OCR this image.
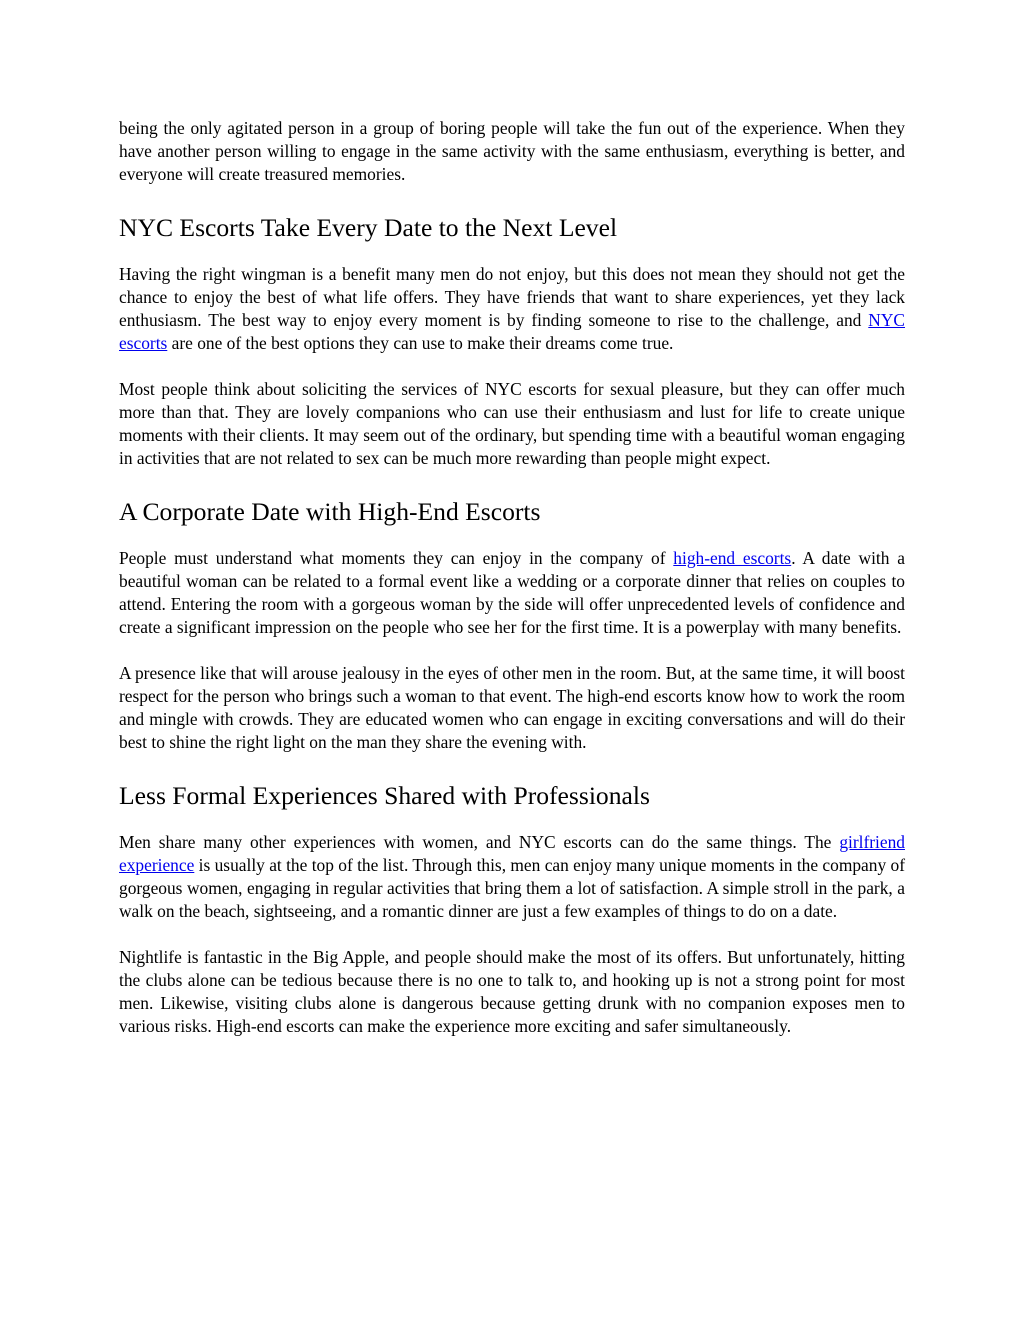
being the only agitated person in a group of boring people will take the fun out of the experience. When they have another person willing to engage in the same activity with the same enthusiasm, everything is better, and everyone will create treasured memories.

NYC Escorts Take Every Date to the Next Level

Having the right wingman is a benefit many men do not enjoy, but this does not mean they should not get the chance to enjoy the best of what life offers. They have friends that want to share experiences, yet they lack enthusiasm. The best way to enjoy every moment is by finding someone to rise to the challenge, and NYC escorts are one of the best options they can use to make their dreams come true.

Most people think about soliciting the services of NYC escorts for sexual pleasure, but they can offer much more than that. They are lovely companions who can use their enthusiasm and lust for life to create unique moments with their clients. It may seem out of the ordinary, but spending time with a beautiful woman engaging in activities that are not related to sex can be much more rewarding than people might expect.

A Corporate Date with High-End Escorts

People must understand what moments they can enjoy in the company of high-end escorts. A date with a beautiful woman can be related to a formal event like a wedding or a corporate dinner that relies on couples to attend. Entering the room with a gorgeous woman by the side will offer unprecedented levels of confidence and create a significant impression on the people who see her for the first time. It is a powerplay with many benefits.

A presence like that will arouse jealousy in the eyes of other men in the room. But, at the same time, it will boost respect for the person who brings such a woman to that event. The high-end escorts know how to work the room and mingle with crowds. They are educated women who can engage in exciting conversations and will do their best to shine the right light on the man they share the evening with.

Less Formal Experiences Shared with Professionals

Men share many other experiences with women, and NYC escorts can do the same things. The girlfriend experience is usually at the top of the list. Through this, men can enjoy many unique moments in the company of gorgeous women, engaging in regular activities that bring them a lot of satisfaction. A simple stroll in the park, a walk on the beach, sightseeing, and a romantic dinner are just a few examples of things to do on a date.

Nightlife is fantastic in the Big Apple, and people should make the most of its offers. But unfortunately, hitting the clubs alone can be tedious because there is no one to talk to, and hooking up is not a strong point for most men. Likewise, visiting clubs alone is dangerous because getting drunk with no companion exposes men to various risks. High-end escorts can make the experience more exciting and safer simultaneously.
